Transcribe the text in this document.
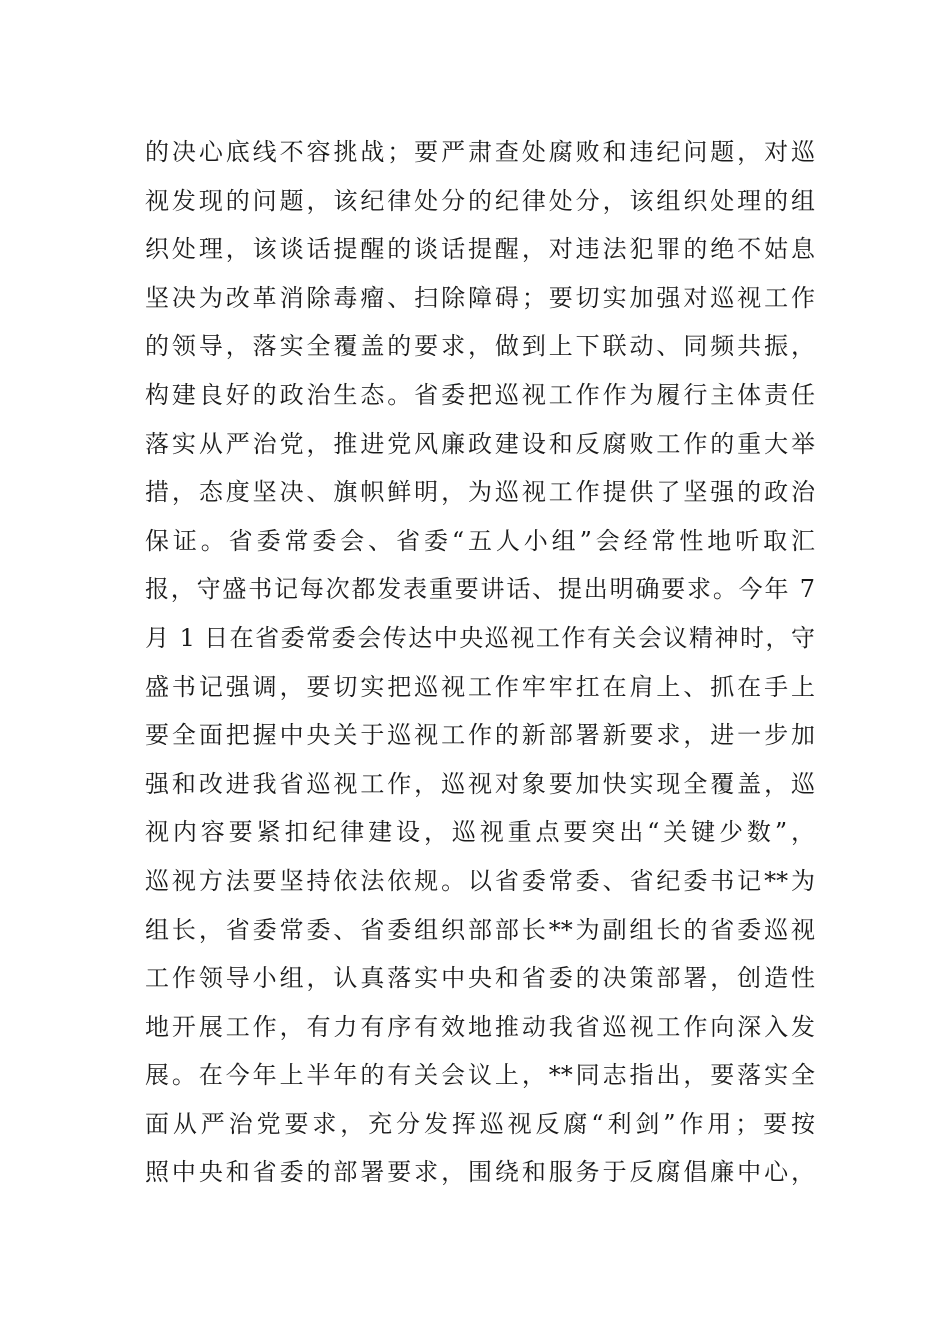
的决心底线不容挑战；要严肃查处腐败和违纪问题，对巡
视发现的问题，该纪律处分的纪律处分，该组织处理的组
织处理，该谈话提醒的谈话提醒，对违法犯罪的绝不姑息
坚决为改革消除毒瘤、扫除障碍；要切实加强对巡视工作
的领导，落实全覆盖的要求，做到上下联动、同频共振，
构建良好的政治生态。省委把巡视工作作为履行主体责任
落实从严治党，推进党风廉政建设和反腐败工作的重大举
措，态度坚决、旗帜鲜明，为巡视工作提供了坚强的政治
保证。省委常委会、省委“五人小组”会经常性地听取汇
报，守盛书记每次都发表重要讲话、提出明确要求。今年 7
月 1 日在省委常委会传达中央巡视工作有关会议精神时，守
盛书记强调，要切实把巡视工作牢牢扛在肩上、抓在手上
要全面把握中央关于巡视工作的新部署新要求，进一步加
强和改进我省巡视工作，巡视对象要加快实现全覆盖，巡
视内容要紧扣纪律建设，巡视重点要突出“关键少数”，
巡视方法要坚持依法依规。以省委常委、省纪委书记**为
组长，省委常委、省委组织部部长**为副组长的省委巡视
工作领导小组，认真落实中央和省委的决策部署，创造性
地开展工作，有力有序有效地推动我省巡视工作向深入发
展。在今年上半年的有关会议上，**同志指出，要落实全
面从严治党要求，充分发挥巡视反腐“利剑”作用；要按
照中央和省委的部署要求，围绕和服务于反腐倡廉中心，
